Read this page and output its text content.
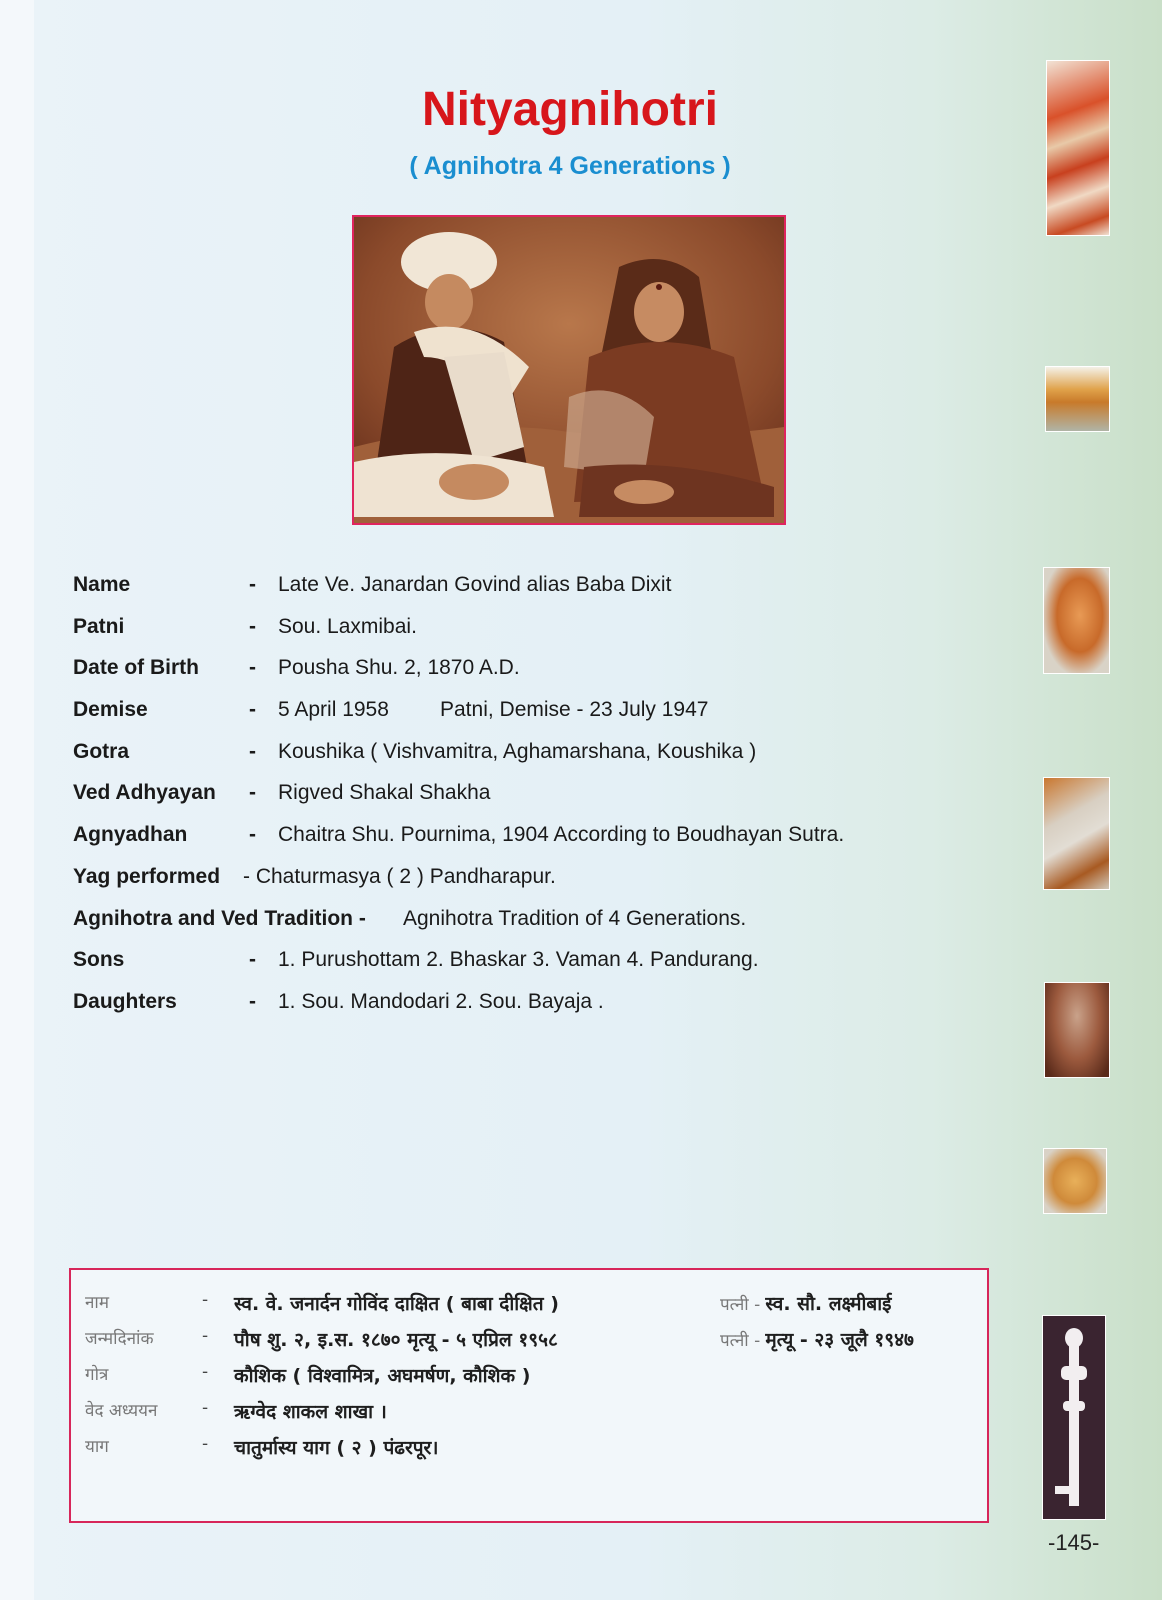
Nityagnihotri
( Agnihotra 4 Generations )
Name	- Late Ve. Janardan Govind alias Baba Dixit
Patni	- Sou. Laxmibai.
Date of Birth - Pousha Shu. 2, 1870 A.D.
Demise	- 5 April 1958 Patni, Demise - 23 July 1947
Gotra	- Koushika ( Vishvamitra, Aghamarshana, Koushika )
Ved Adhyayan - Rigved Shakal Shakha
Agnyadhan	- Chaitra Shu. Pournima, 1904 According to Boudhayan Sutra.
Yag performed - Chaturmasya ( 2 ) Pandharapur.
Agnihotra and Ved Tradition - Agnihotra Tradition of 4 Generations.
Sons	- 1. Purushottam 2. Bhaskar 3. Vaman 4. Pandurang.
Daughters	- 1. Sou. Mandodari 2. Sou. Bayaja .
नाम	- स्व. वे. जनार्दन गोविंद दाक्षित ( बाबा दीक्षित )
जन्मदिनांक	- पौष शु. २, इ.स. १८७० मृत्यू - ५ एप्रिल १९५८
गोत्र	- कौशिक ( विश्वामित्र, अघमर्षण, कौशिक )
वेद अध्ययन	- ऋग्वेद शाकल शाखा ।
याग	- चातुर्मास्य याग ( २ ) पंढरपूर।
पत्नी - स्व. सौ. लक्ष्मीबाई
पत्नी - मृत्यू - २३ जूलै १९४७
-145-
